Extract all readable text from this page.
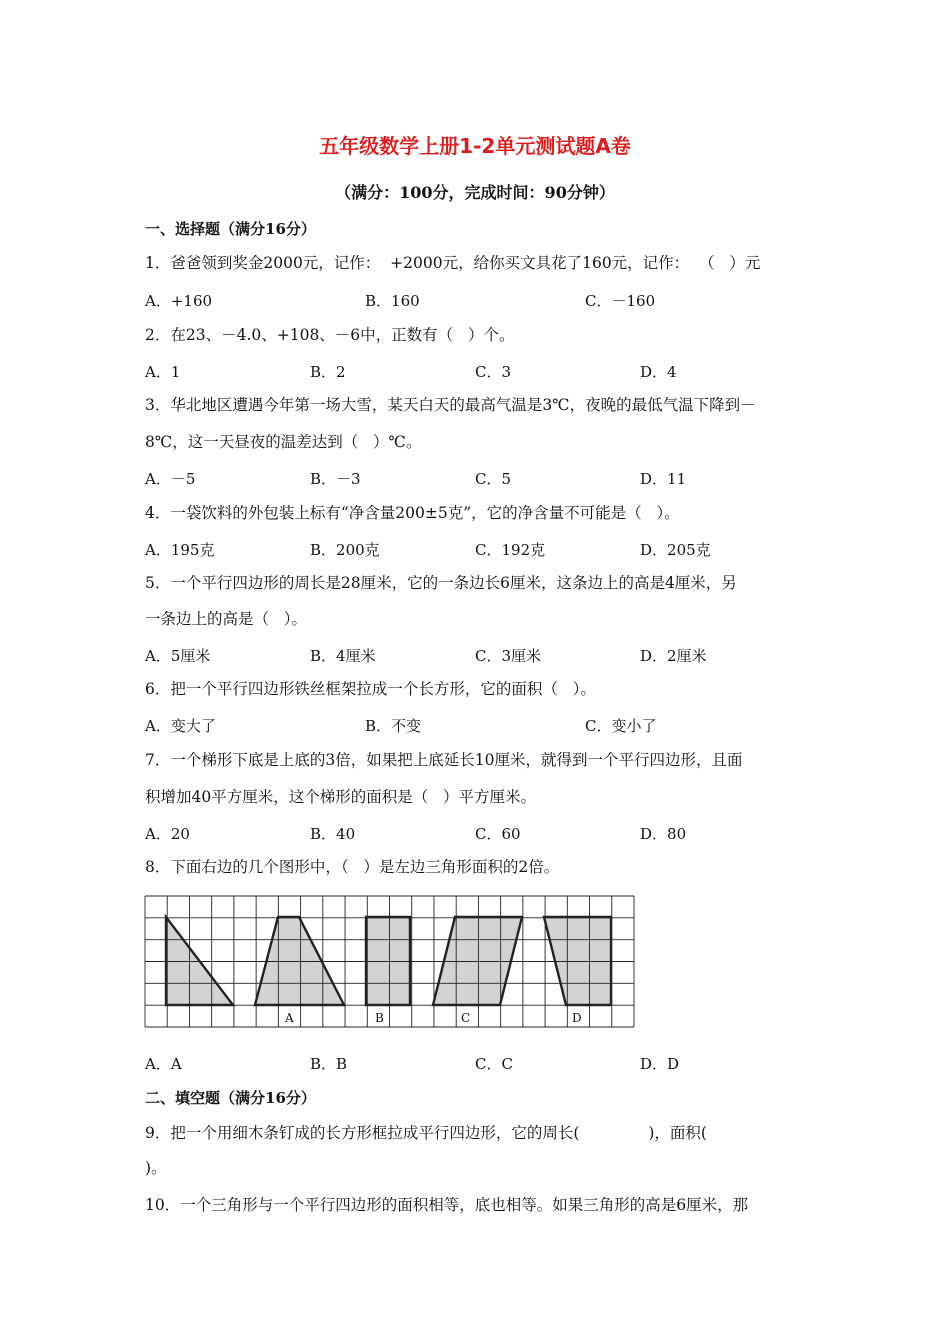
五年级数学上册1-2单元测试题A卷
（满分：100分，完成时间：90分钟）
一、选择题（满分16分）
1．爸爸领到奖金2000元，记作：  +2000元，给你买文具花了160元，记作：  （   ）元
A．+160	B．160	C．－160
2．在23、－4.0、+108、－6中，正数有（   ）个。
A．1	B．2	C．3	D．4
3．华北地区遭遇今年第一场大雪，某天白天的最高气温是3℃，夜晚的最低气温下降到－
8℃，这一天昼夜的温差达到（   ）℃。
A．－5	B．－3	C．5	D．11
4．一袋饮料的外包装上标有“净含量200±5克”，它的净含量不可能是（   ）。
A．195克	B．200克	C．192克	D．205克
5．一个平行四边形的周长是28厘米，它的一条边长6厘米，这条边上的高是4厘米，另
一条边上的高是（   ）。
A．5厘米	B．4厘米	C．3厘米	D．2厘米
6．把一个平行四边形铁丝框架拉成一个长方形，它的面积（   ）。
A．变大了	B．不变	C．变小了
7．一个梯形下底是上底的3倍，如果把上底延长10厘米，就得到一个平行四边形，且面
积增加40平方厘米，这个梯形的面积是（   ）平方厘米。
A．20	B．40	C．60	D．80
8．下面右边的几个图形中，（   ）是左边三角形面积的2倍。
A	B	C	D
A．A	B．B	C．C	D．D
二、填空题（满分16分）
9．把一个用细木条钉成的长方形框拉成平行四边形，它的周长(              )，面积(
)。
10．一个三角形与一个平行四边形的面积相等，底也相等。如果三角形的高是6厘米，那
